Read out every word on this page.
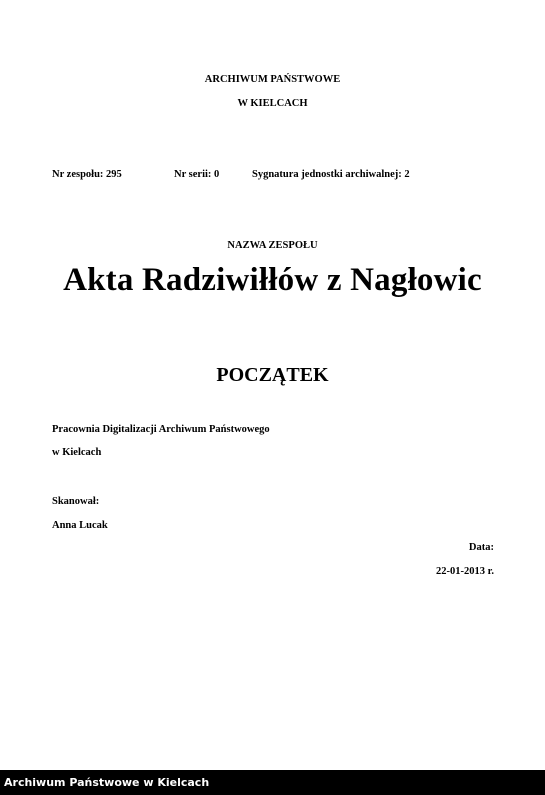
ARCHIWUM PAŃSTWOWE
W KIELCACH
Nr zespołu: 295	Nr serii: 0	Sygnatura jednostki archiwalnej: 2
NAZWA ZESPOŁU
Akta Radziwiłłów z Nagłowic
POCZĄTEK
Pracownia Digitalizacji Archiwum Państwowego
w Kielcach
Skanował:
Anna Lucak
Data:
22-01-2013 r.
Archiwum Państwowe w Kielcach
